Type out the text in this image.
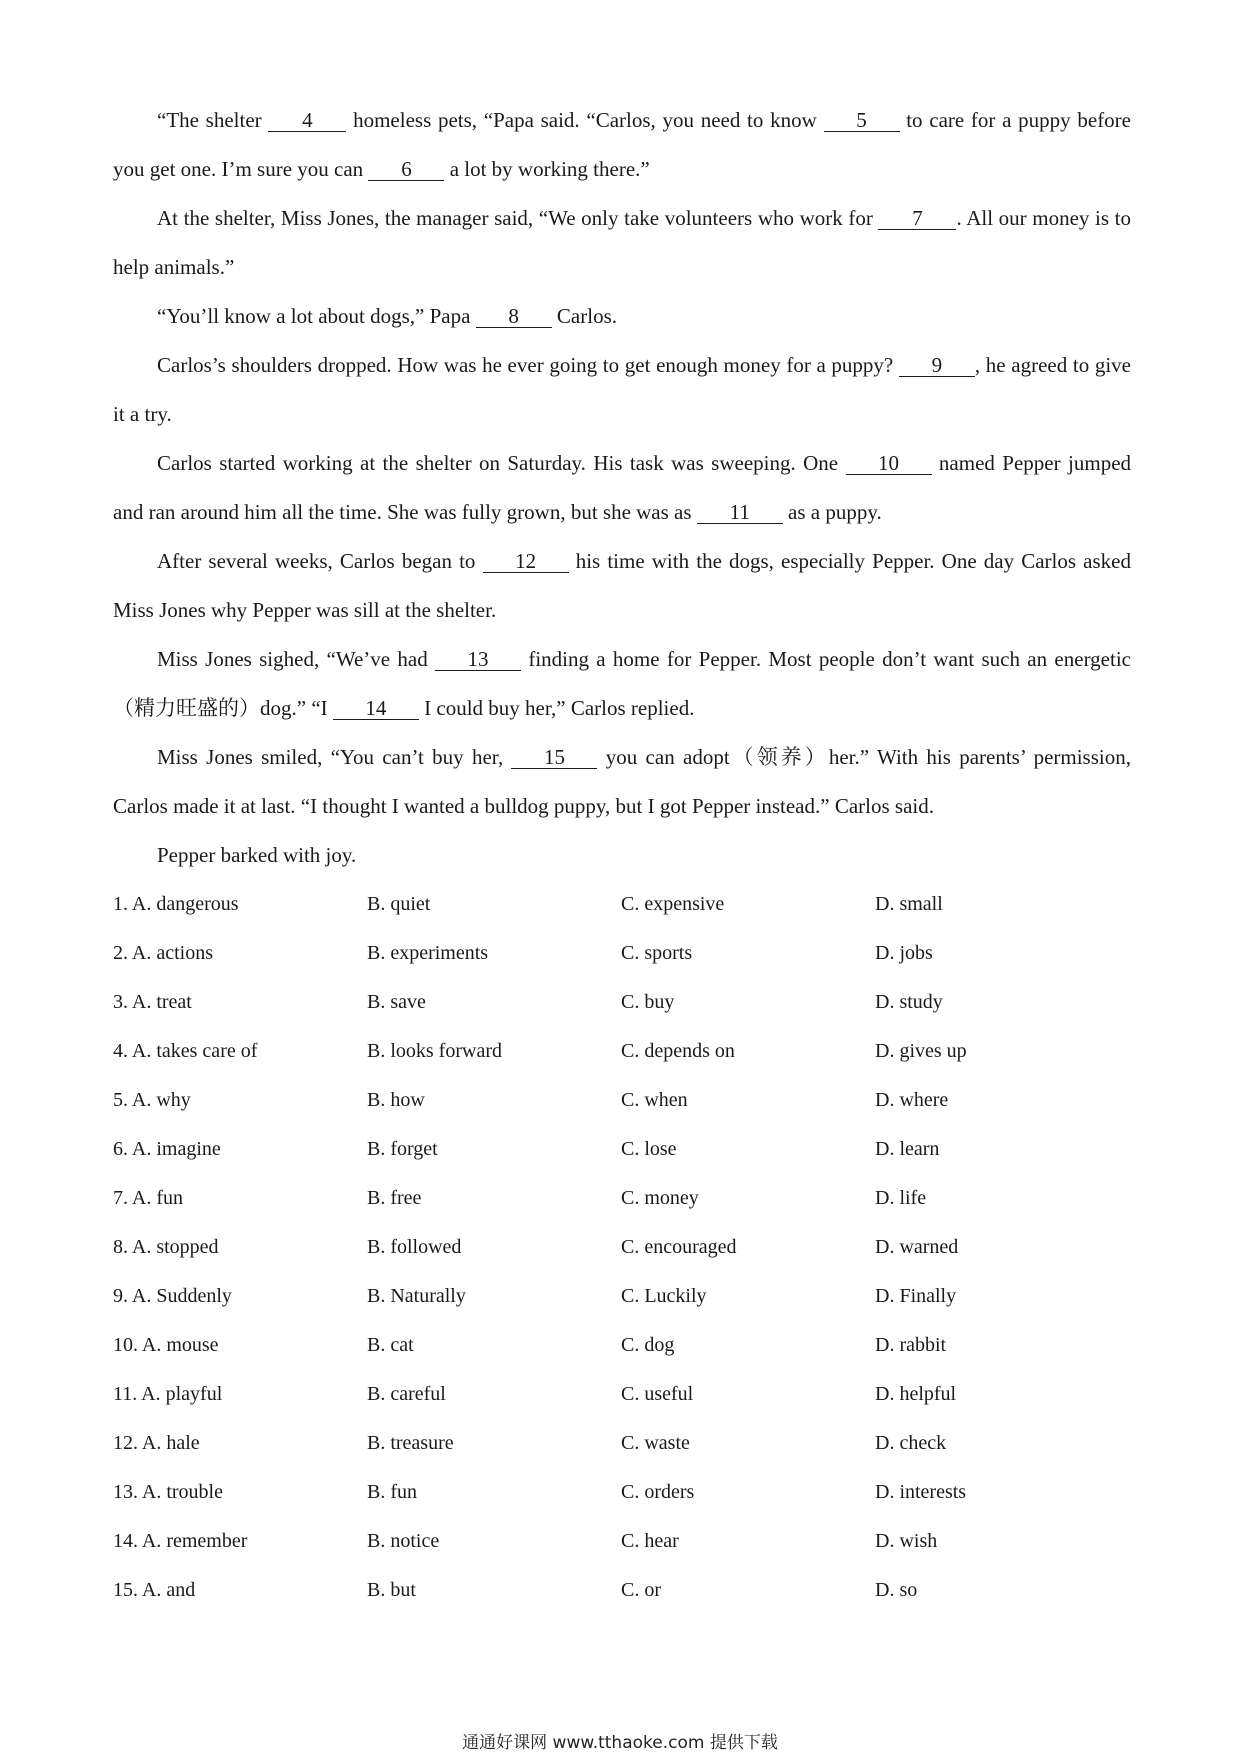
“The shelter 4 homeless pets, “Papa said. “Carlos, you need to know 5 to care for a puppy before you get one. I’m sure you can 6 a lot by working there.”

At the shelter, Miss Jones, the manager said, “We only take volunteers who work for 7 . All our money is to help animals.”

“You’ll know a lot about dogs,” Papa 8 Carlos.

Carlos’s shoulders dropped. How was he ever going to get enough money for a puppy? 9 , he agreed to give it a try.

Carlos started working at the shelter on Saturday. His task was sweeping. One 10 named Pepper jumped and ran around him all the time. She was fully grown, but she was as 11 as a puppy.

After several weeks, Carlos began to 12 his time with the dogs, especially Pepper. One day Carlos asked Miss Jones why Pepper was sill at the shelter.

Miss Jones sighed, “We’ve had 13 finding a home for Pepper. Most people don’t want such an energetic（精力旺盛的）dog.” “I 14 I could buy her,” Carlos replied.

Miss Jones smiled, “You can’t buy her, 15 you can adopt（领养）her.” With his parents’ permission, Carlos made it at last. “I thought I wanted a bulldog puppy, but I got Pepper instead.” Carlos said.

Pepper barked with joy.

1. A. dangerous	B. quiet	C. expensive	D. small
2. A. actions	B. experiments	C. sports	D. jobs
3. A. treat	B. save	C. buy	D. study
4. A. takes care of	B. looks forward	C. depends on	D. gives up
5. A. why	B. how	C. when	D. where
6. A. imagine	B. forget	C. lose	D. learn
7. A. fun	B. free	C. money	D. life
8. A. stopped	B. followed	C. encouraged	D. warned
9. A. Suddenly	B. Naturally	C. Luckily	D. Finally
10. A. mouse	B. cat	C. dog	D. rabbit
11. A. playful	B. careful	C. useful	D. helpful
12. A. hale	B. treasure	C. waste	D. check
13. A. trouble	B. fun	C. orders	D. interests
14. A. remember	B. notice	C. hear	D. wish
15. A. and	B. but	C. or	D. so
通通好课网 www.tthaoke.com 提供下载
